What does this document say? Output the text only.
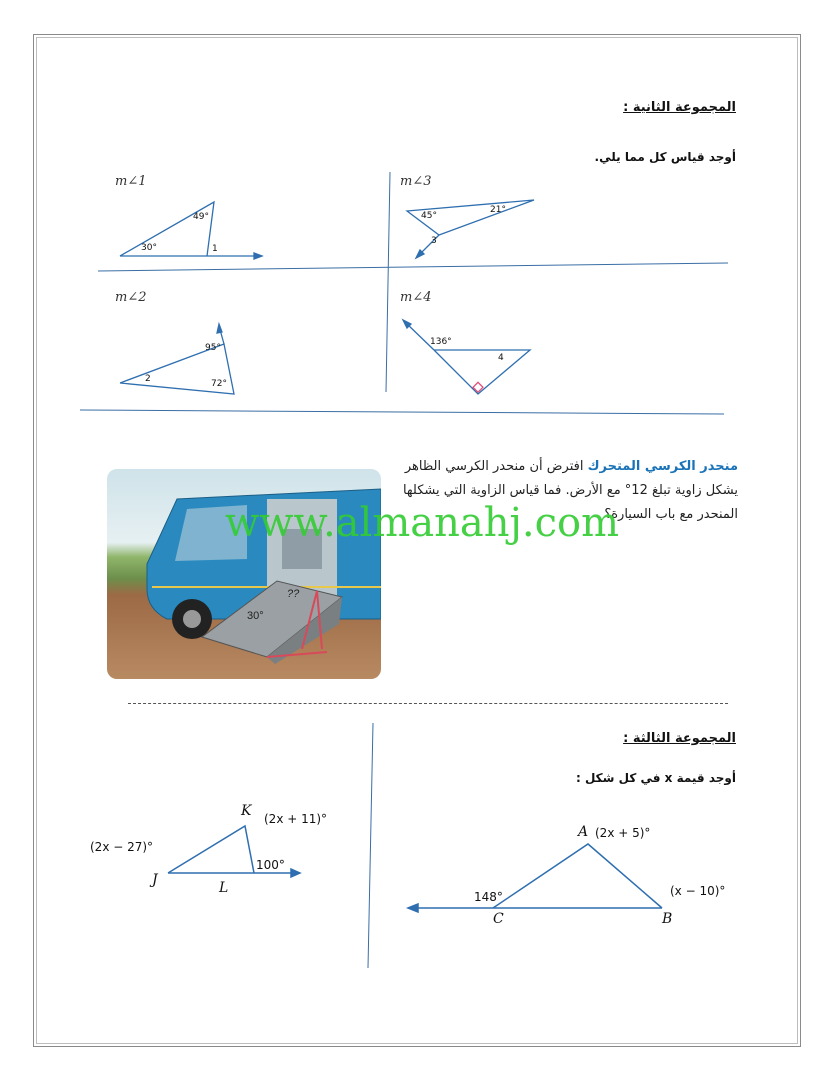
المجموعة الثانية :
أوجد قياس كل مما يلي.
m∠1	m∠3
m∠2	m∠4
49°
30°	1
95°
2	72°
45°
21°
3
136°
4
30°
??
منحدر الكرسي المتحرك افترض أن منحدر الكرسي الظاهر يشكل زاوية تبلغ 12° مع الأرض. فما قياس الزاوية التي يشكلها المنحدر مع باب السيارة؟
www.almanahj.com
المجموعة الثالثة :
أوجد قيمة x في كل شكل :
K
J	L
(2x + 11)°
(2x − 27)°
100°
A
B
C
(2x + 5)°
(x − 10)°
148°
